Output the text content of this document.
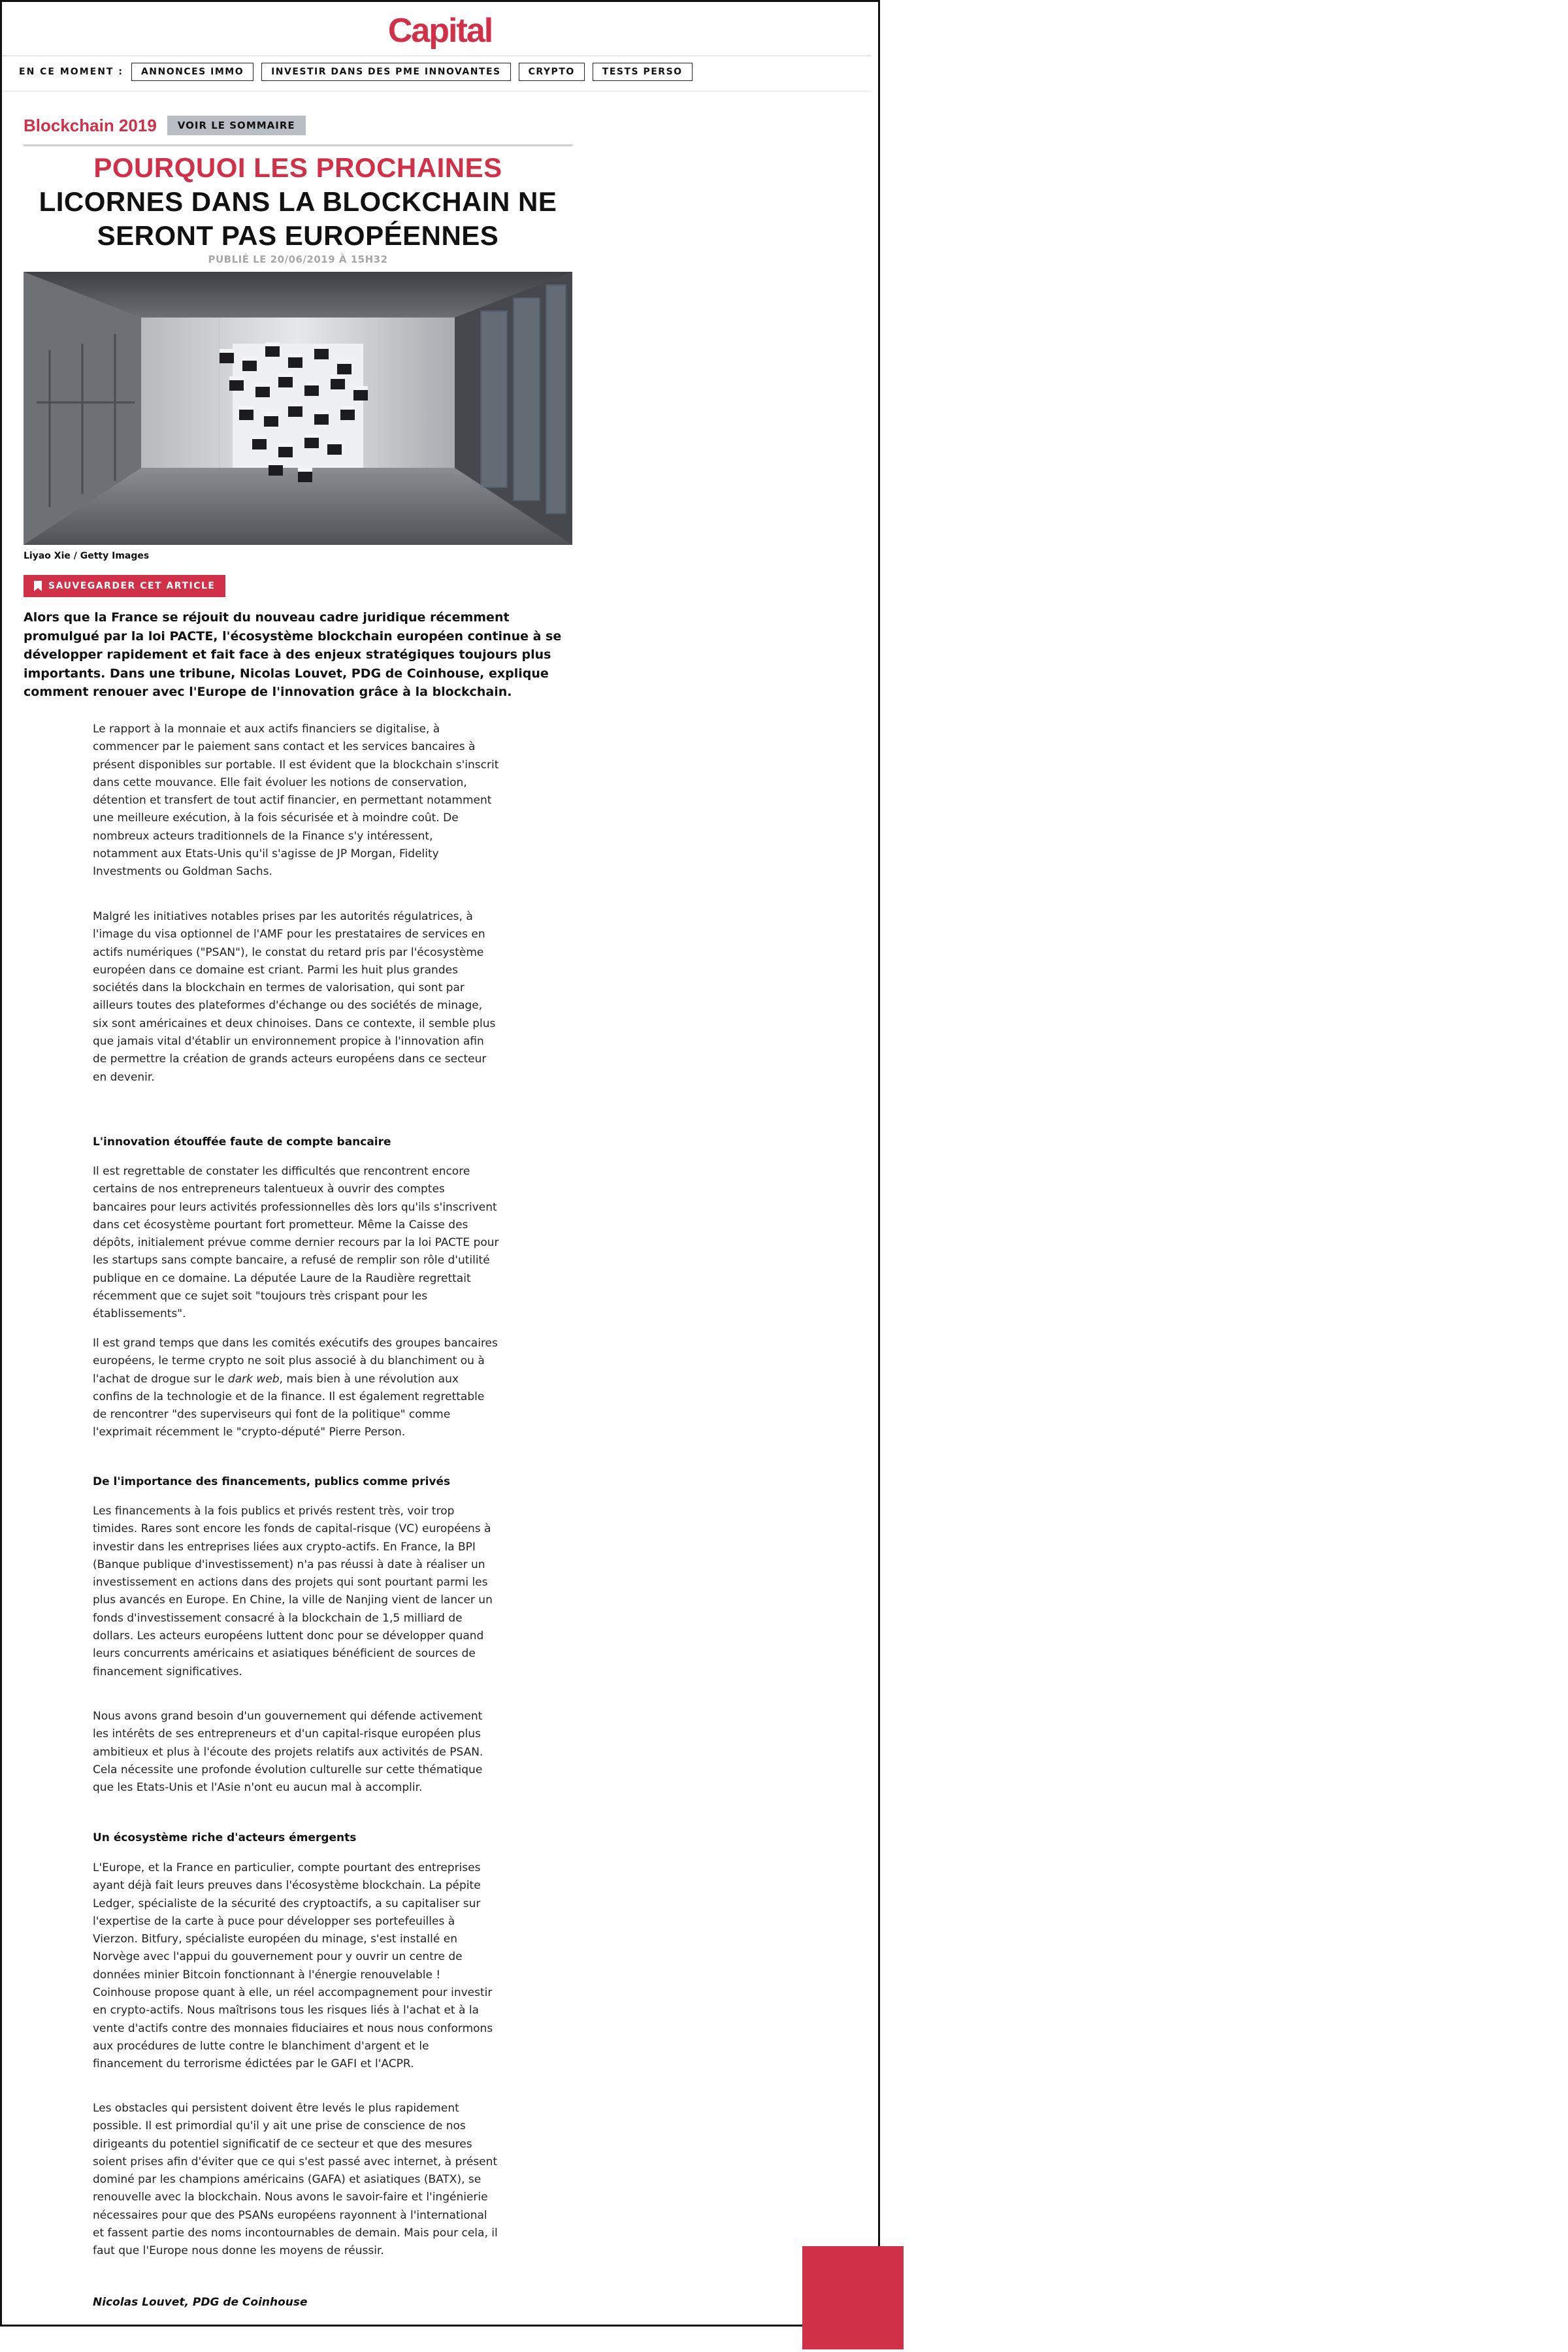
Capital
EN CE MOMENT :	ANNONCES IMMO	INVESTIR DANS DES PME INNOVANTES	CRYPTO	TESTS PERSO
Blockchain 2019	VOIR LE SOMMAIRE
POURQUOI LES PROCHAINES
LICORNES DANS LA BLOCKCHAIN NE SERONT PAS EUROPÉENNES
PUBLIÉ LE 20/06/2019 À 15H32
Liyao Xie / Getty Images
SAUVEGARDER CET ARTICLE
Alors que la France se réjouit du nouveau cadre juridique récemment promulgué par la loi PACTE, l'écosystème blockchain européen continue à se développer rapidement et fait face à des enjeux stratégiques toujours plus importants. Dans une tribune, Nicolas Louvet, PDG de Coinhouse, explique comment renouer avec l'Europe de l'innovation grâce à la blockchain.

Le rapport à la monnaie et aux actifs financiers se digitalise, à commencer par le paiement sans contact et les services bancaires à présent disponibles sur portable. Il est évident que la blockchain s'inscrit dans cette mouvance. Elle fait évoluer les notions de conservation, détention et transfert de tout actif financier, en permettant notamment une meilleure exécution, à la fois sécurisée et à moindre coût. De nombreux acteurs traditionnels de la Finance s'y intéressent, notamment aux Etats-Unis qu'il s'agisse de JP Morgan, Fidelity Investments ou Goldman Sachs.

Malgré les initiatives notables prises par les autorités régulatrices, à l'image du visa optionnel de l'AMF pour les prestataires de services en actifs numériques ("PSAN"), le constat du retard pris par l'écosystème européen dans ce domaine est criant. Parmi les huit plus grandes sociétés dans la blockchain en termes de valorisation, qui sont par ailleurs toutes des plateformes d'échange ou des sociétés de minage, six sont américaines et deux chinoises. Dans ce contexte, il semble plus que jamais vital d'établir un environnement propice à l'innovation afin de permettre la création de grands acteurs européens dans ce secteur en devenir.

L'innovation étouffée faute de compte bancaire

Il est regrettable de constater les difficultés que rencontrent encore certains de nos entrepreneurs talentueux à ouvrir des comptes bancaires pour leurs activités professionnelles dès lors qu'ils s'inscrivent dans cet écosystème pourtant fort prometteur. Même la Caisse des dépôts, initialement prévue comme dernier recours par la loi PACTE pour les startups sans compte bancaire, a refusé de remplir son rôle d'utilité publique en ce domaine. La députée Laure de la Raudière regrettait récemment que ce sujet soit "toujours très crispant pour les établissements".

Il est grand temps que dans les comités exécutifs des groupes bancaires européens, le terme crypto ne soit plus associé à du blanchiment ou à l'achat de drogue sur le dark web, mais bien à une révolution aux confins de la technologie et de la finance. Il est également regrettable de rencontrer "des superviseurs qui font de la politique" comme l'exprimait récemment le "crypto-député" Pierre Person.

De l'importance des financements, publics comme privés

Les financements à la fois publics et privés restent très, voir trop timides. Rares sont encore les fonds de capital-risque (VC) européens à investir dans les entreprises liées aux crypto-actifs. En France, la BPI (Banque publique d'investissement) n'a pas réussi à date à réaliser un investissement en actions dans des projets qui sont pourtant parmi les plus avancés en Europe. En Chine, la ville de Nanjing vient de lancer un fonds d'investissement consacré à la blockchain de 1,5 milliard de dollars. Les acteurs européens luttent donc pour se développer quand leurs concurrents américains et asiatiques bénéficient de sources de financement significatives.

Nous avons grand besoin d'un gouvernement qui défende activement les intérêts de ses entrepreneurs et d'un capital-risque européen plus ambitieux et plus à l'écoute des projets relatifs aux activités de PSAN. Cela nécessite une profonde évolution culturelle sur cette thématique que les Etats-Unis et l'Asie n'ont eu aucun mal à accomplir.

Un écosystème riche d'acteurs émergents

L'Europe, et la France en particulier, compte pourtant des entreprises ayant déjà fait leurs preuves dans l'écosystème blockchain. La pépite Ledger, spécialiste de la sécurité des cryptoactifs, a su capitaliser sur l'expertise de la carte à puce pour développer ses portefeuilles à Vierzon. Bitfury, spécialiste européen du minage, s'est installé en Norvège avec l'appui du gouvernement pour y ouvrir un centre de données minier Bitcoin fonctionnant à l'énergie renouvelable ! Coinhouse propose quant à elle, un réel accompagnement pour investir en crypto-actifs. Nous maîtrisons tous les risques liés à l'achat et à la vente d'actifs contre des monnaies fiduciaires et nous nous conformons aux procédures de lutte contre le blanchiment d'argent et le financement du terrorisme édictées par le GAFI et l'ACPR.

Les obstacles qui persistent doivent être levés le plus rapidement possible. Il est primordial qu'il y ait une prise de conscience de nos dirigeants du potentiel significatif de ce secteur et que des mesures soient prises afin d'éviter que ce qui s'est passé avec internet, à présent dominé par les champions américains (GAFA) et asiatiques (BATX), se renouvelle avec la blockchain. Nous avons le savoir-faire et l'ingénierie nécessaires pour que des PSANs européens rayonnent à l'international et fassent partie des noms incontournables de demain. Mais pour cela, il faut que l'Europe nous donne les moyens de réussir.

Nicolas Louvet, PDG de Coinhouse
